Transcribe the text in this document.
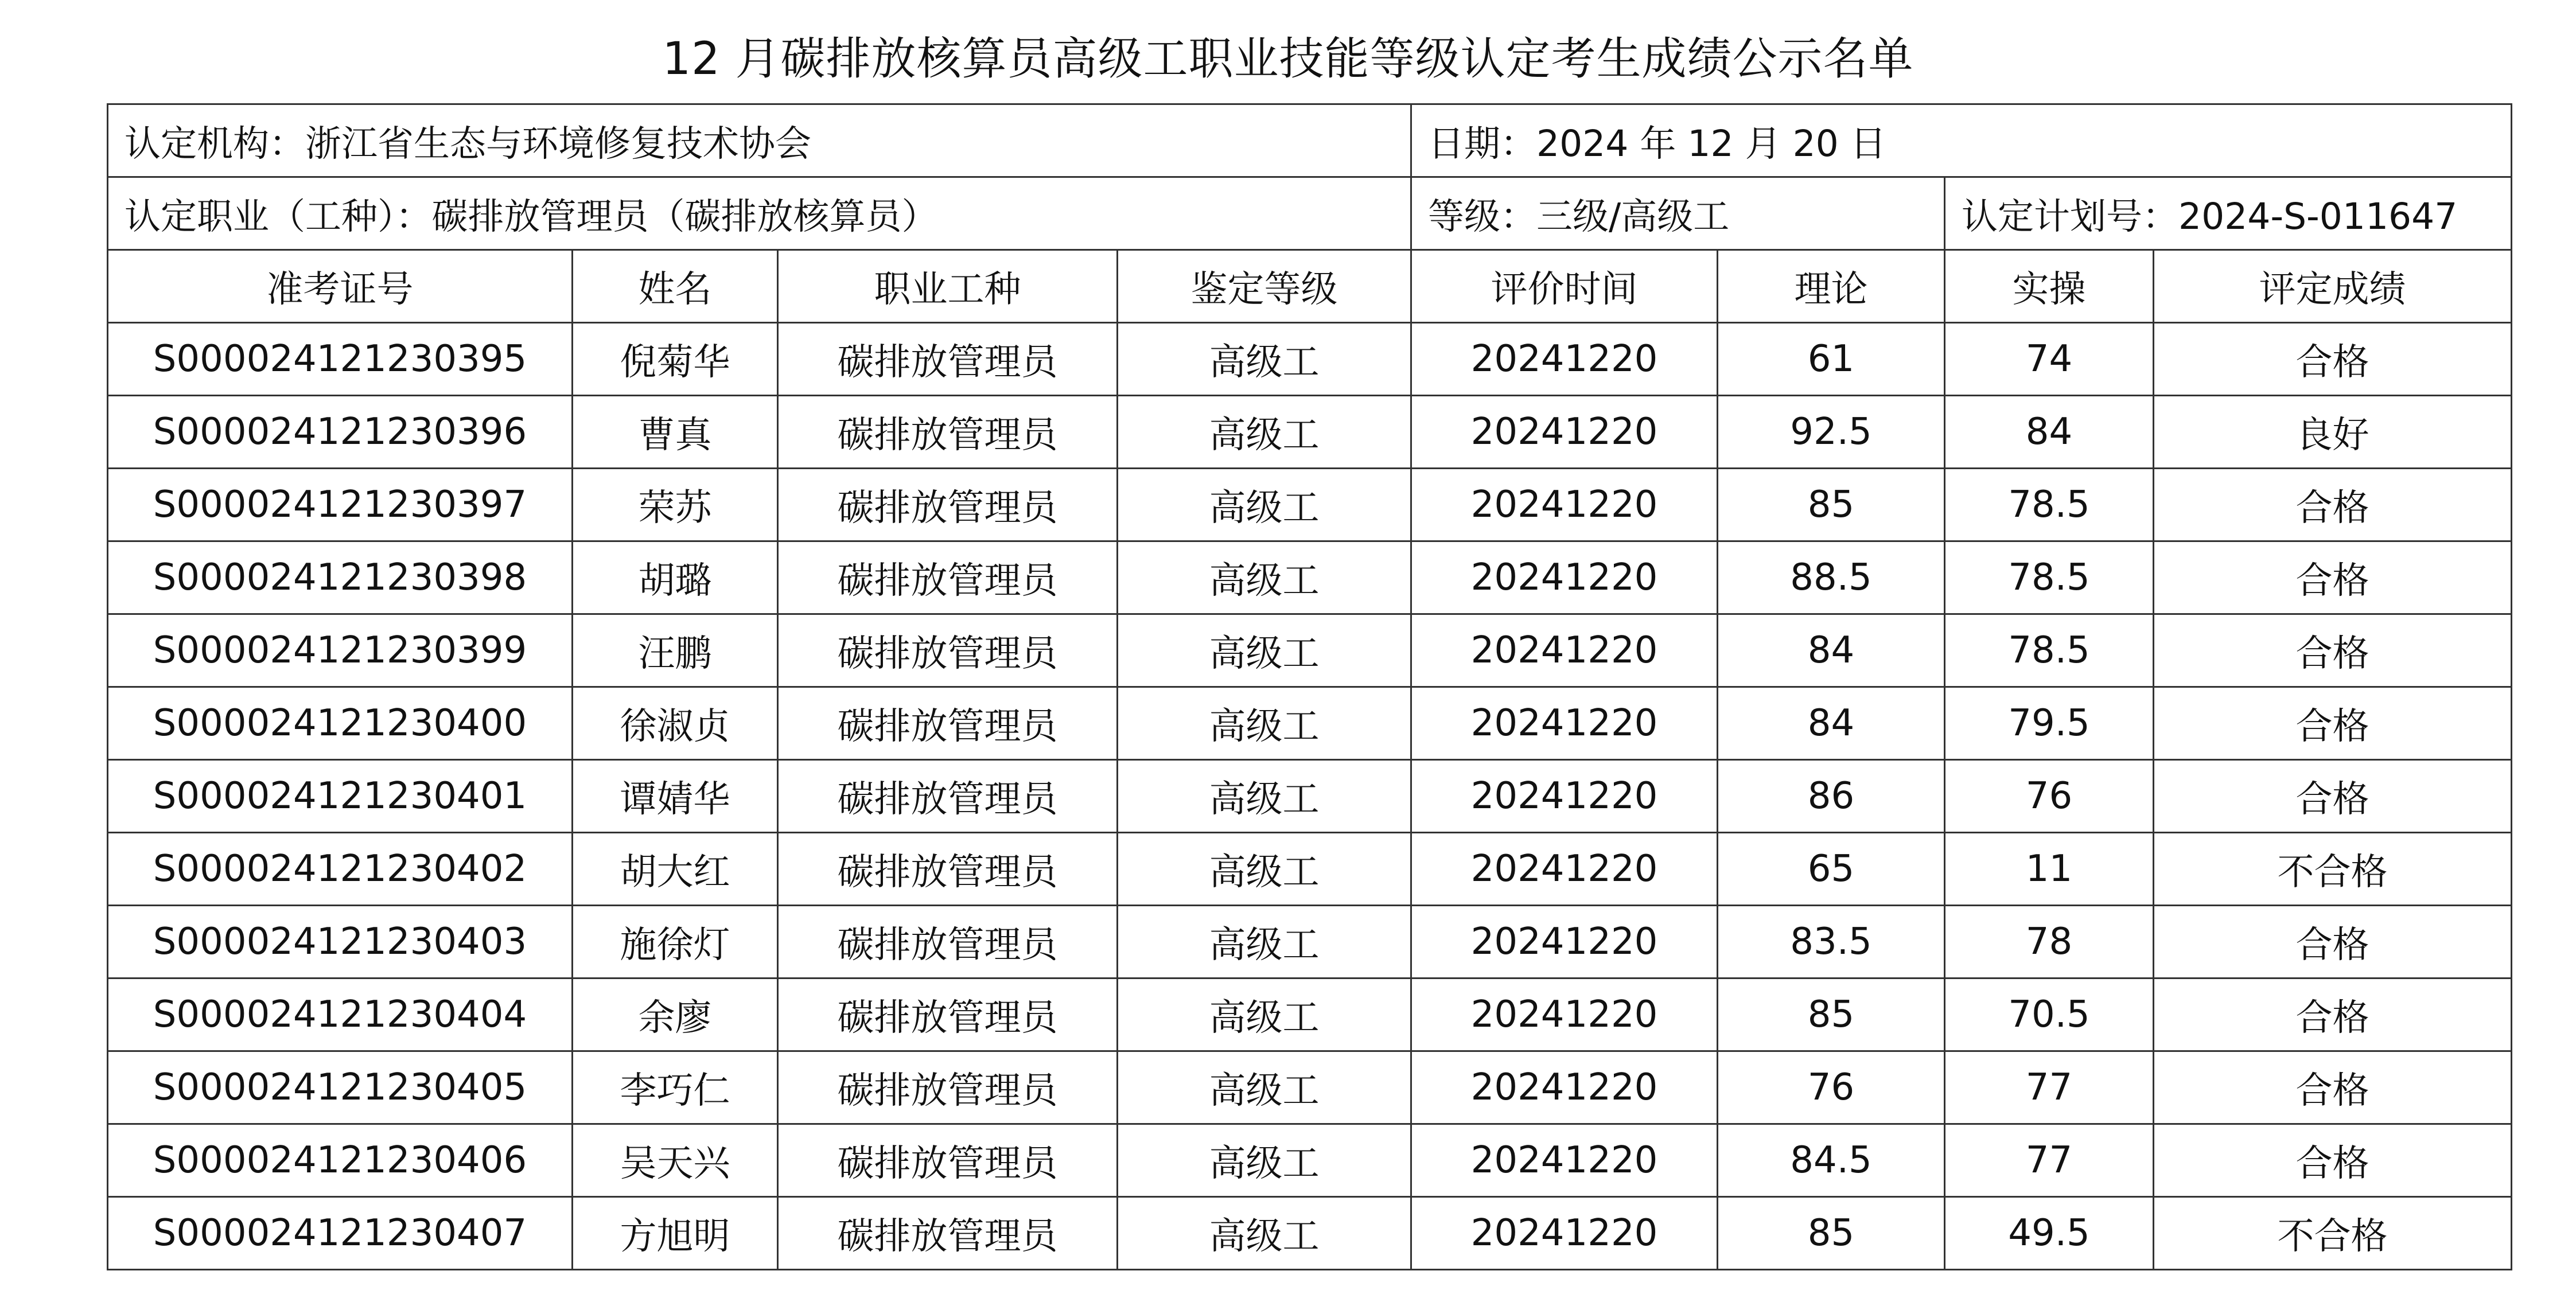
12 月碳排放核算员高级工职业技能等级认定考生成绩公示名单
认定机构：浙江省生态与环境修复技术协会				日期：2024 年 12 月 20 日			
认定职业（工种）：碳排放管理员（碳排放核算员）				等级：三级/高级工		认定计划号：2024-S-011647	
准考证号	姓名	职业工种	鉴定等级	评价时间	理论	实操	评定成绩
S000024121230395	倪菊华	碳排放管理员	高级工	20241220	61	74	合格
S000024121230396	曹真	碳排放管理员	高级工	20241220	92.5	84	良好
S000024121230397	荣苏	碳排放管理员	高级工	20241220	85	78.5	合格
S000024121230398	胡璐	碳排放管理员	高级工	20241220	88.5	78.5	合格
S000024121230399	汪鹏	碳排放管理员	高级工	20241220	84	78.5	合格
S000024121230400	徐淑贞	碳排放管理员	高级工	20241220	84	79.5	合格
S000024121230401	谭婧华	碳排放管理员	高级工	20241220	86	76	合格
S000024121230402	胡大红	碳排放管理员	高级工	20241220	65	11	不合格
S000024121230403	施徐灯	碳排放管理员	高级工	20241220	83.5	78	合格
S000024121230404	余廖	碳排放管理员	高级工	20241220	85	70.5	合格
S000024121230405	李巧仁	碳排放管理员	高级工	20241220	76	77	合格
S000024121230406	吴天兴	碳排放管理员	高级工	20241220	84.5	77	合格
S000024121230407	方旭明	碳排放管理员	高级工	20241220	85	49.5	不合格
